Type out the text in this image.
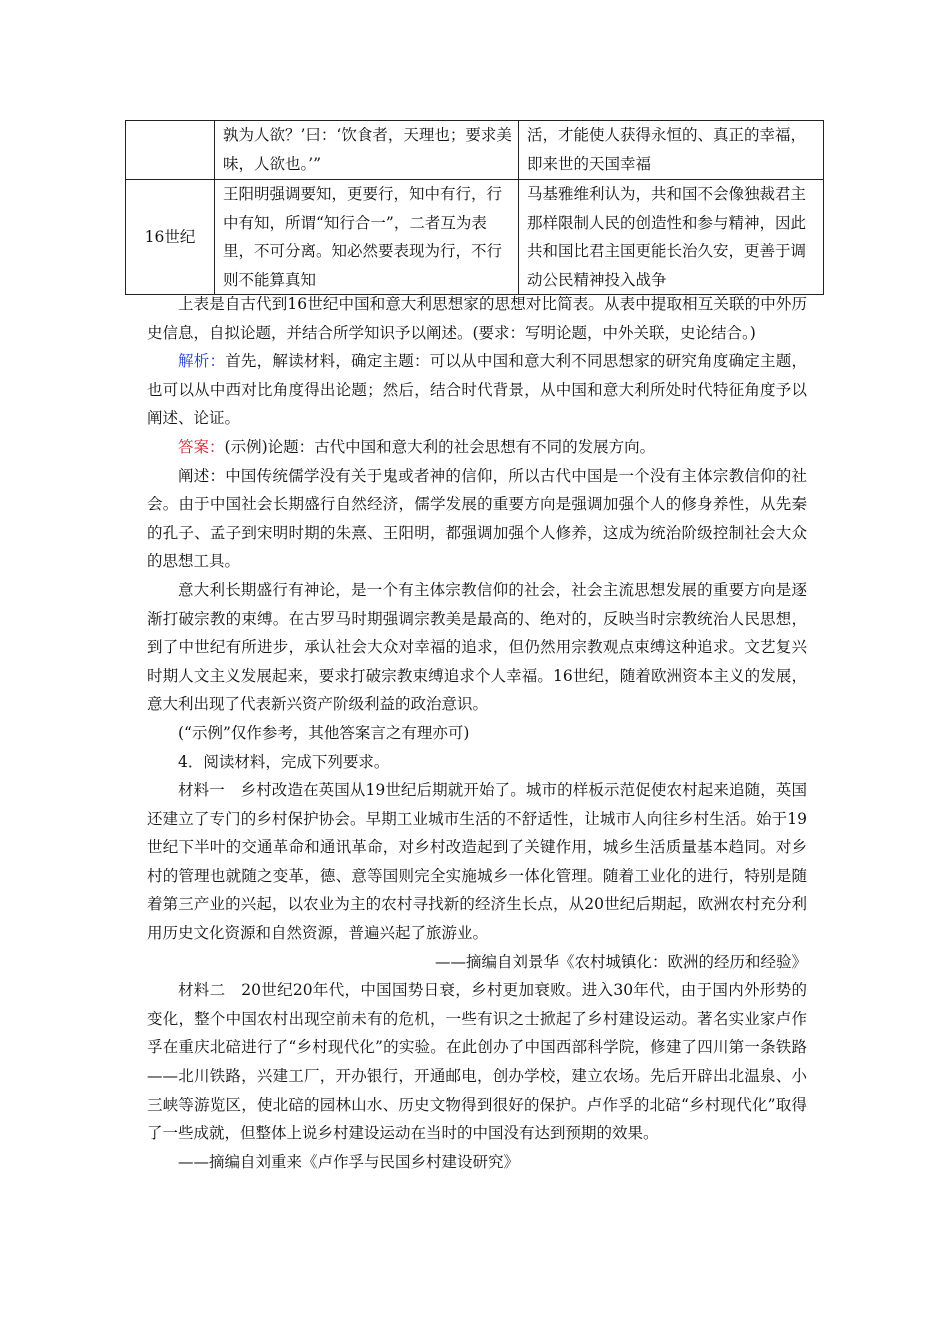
	孰为人欲？’曰：‘饮食者，天理也；要求美味，人欲也。’”	活，才能使人获得永恒的、真正的幸福，即来世的天国幸福
16世纪	王阳明强调要知，更要行，知中有行，行中有知，所谓“知行合一”，二者互为表里，不可分离。知必然要表现为行，不行则不能算真知	马基雅维利认为，共和国不会像独裁君主那样限制人民的创造性和参与精神，因此共和国比君主国更能长治久安，更善于调动公民精神投入战争

上表是自古代到16世纪中国和意大利思想家的思想对比简表。从表中提取相互关联的中外历史信息，自拟论题，并结合所学知识予以阐述。(要求：写明论题，中外关联，史论结合。)

解析：首先，解读材料，确定主题：可以从中国和意大利不同思想家的研究角度确定主题，也可以从中西对比角度得出论题；然后，结合时代背景，从中国和意大利所处时代特征角度予以阐述、论证。

答案：(示例)论题：古代中国和意大利的社会思想有不同的发展方向。

阐述：中国传统儒学没有关于鬼或者神的信仰，所以古代中国是一个没有主体宗教信仰的社会。由于中国社会长期盛行自然经济，儒学发展的重要方向是强调加强个人的修身养性，从先秦的孔子、孟子到宋明时期的朱熹、王阳明，都强调加强个人修养，这成为统治阶级控制社会大众的思想工具。

意大利长期盛行有神论，是一个有主体宗教信仰的社会，社会主流思想发展的重要方向是逐渐打破宗教的束缚。在古罗马时期强调宗教美是最高的、绝对的，反映当时宗教统治人民思想，到了中世纪有所进步，承认社会大众对幸福的追求，但仍然用宗教观点束缚这种追求。文艺复兴时期人文主义发展起来，要求打破宗教束缚追求个人幸福。16世纪，随着欧洲资本主义的发展，意大利出现了代表新兴资产阶级利益的政治意识。

(“示例”仅作参考，其他答案言之有理亦可)

4．阅读材料，完成下列要求。

材料一　乡村改造在英国从19世纪后期就开始了。城市的样板示范促使农村起来追随，英国还建立了专门的乡村保护协会。早期工业城市生活的不舒适性，让城市人向往乡村生活。始于19世纪下半叶的交通革命和通讯革命，对乡村改造起到了关键作用，城乡生活质量基本趋同。对乡村的管理也就随之变革，德、意等国则完全实施城乡一体化管理。随着工业化的进行，特别是随着第三产业的兴起，以农业为主的农村寻找新的经济生长点，从20世纪后期起，欧洲农村充分利用历史文化资源和自然资源，普遍兴起了旅游业。

——摘编自刘景华《农村城镇化：欧洲的经历和经验》

材料二　20世纪20年代，中国国势日衰，乡村更加衰败。进入30年代，由于国内外形势的变化，整个中国农村出现空前未有的危机，一些有识之士掀起了乡村建设运动。著名实业家卢作孚在重庆北碚进行了“乡村现代化”的实验。在此创办了中国西部科学院，修建了四川第一条铁路——北川铁路，兴建工厂，开办银行，开通邮电，创办学校，建立农场。先后开辟出北温泉、小三峡等游览区，使北碚的园林山水、历史文物得到很好的保护。卢作孚的北碚“乡村现代化”取得了一些成就，但整体上说乡村建设运动在当时的中国没有达到预期的效果。

——摘编自刘重来《卢作孚与民国乡村建设研究》
